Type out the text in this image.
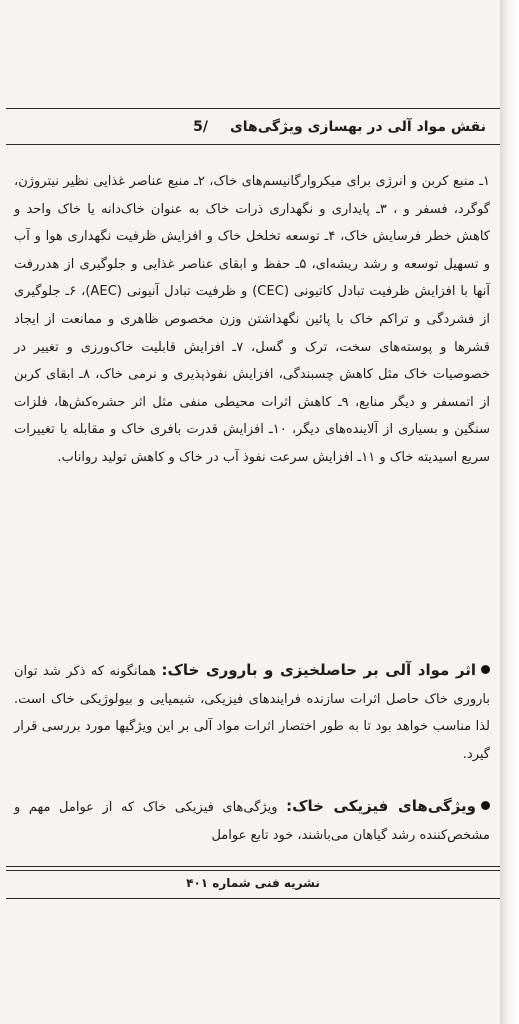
نقش مواد آلی در بهسازی ویژگی‌های
/5
۱ـ منبع کربن و انرژی برای میکروارگانیسم‌های خاک، ۲ـ منبع عناصر غذایی نظیر نیتروژن، گوگرد، فسفر و ، ۳ـ پایداری و نگهداری ذرات خاک به عنوان خاک‌دانه یا خاک واحد و کاهش خطر فرسایش خاک، ۴ـ توسعه تخلخل خاک و افزایش ظرفیت نگهداری هوا و آب و تسهیل توسعه و رشد ریشه‌ای، ۵ـ حفظ و ابقای عناصر غذایی و جلوگیری از هدررفت آنها با افزایش ظرفیت تبادل کاتیونی (CEC) و ظرفیت تبادل آنیونی (AEC)، ۶ـ جلوگیری از فشردگی و تراکم خاک با پائین نگهداشتن وزن مخصوص ظاهری و ممانعت از ایجاد قشرها و پوسته‌های سخت، ترک و گسل، ۷ـ افزایش قابلیت خاک‌ورزی و تغییر در خصوصیات خاک مثل کاهش چسبندگی، افزایش نفوذپذیری و نرمی خاک، ۸ـ ابقای کربن از اتمسفر و دیگر منابع، ۹ـ کاهش اثرات محیطی منفی مثل اثر حشره‌کش‌ها، فلزات سنگین و بسیاری از آلاینده‌های دیگر، ۱۰ـ افزایش قدرت بافری خاک و مقابله با تغییرات سریع اسیدیته خاک و ۱۱ـ افزایش سرعت نفوذ آب در خاک و کاهش تولید رواناب.
اثر مواد آلی بر حاصلخیزی و باروری خاک: همانگونه که ذکر شد توان باروری خاک حاصل اثرات سازنده فرایندهای فیزیکی، شیمیایی و بیولوژیکی خاک است. لذا مناسب خواهد بود تا به طور اختصار اثرات مواد آلی بر این ویژگیها مورد بررسی قرار گیرد.
ویژگی‌های فیزیکی خاک: ویژگی‌های فیزیکی خاک که از عوامل مهم و مشخص‌کننده رشد گیاهان می‌باشند، خود تابع عوامل
نشریه فنی شماره ۴۰۱
